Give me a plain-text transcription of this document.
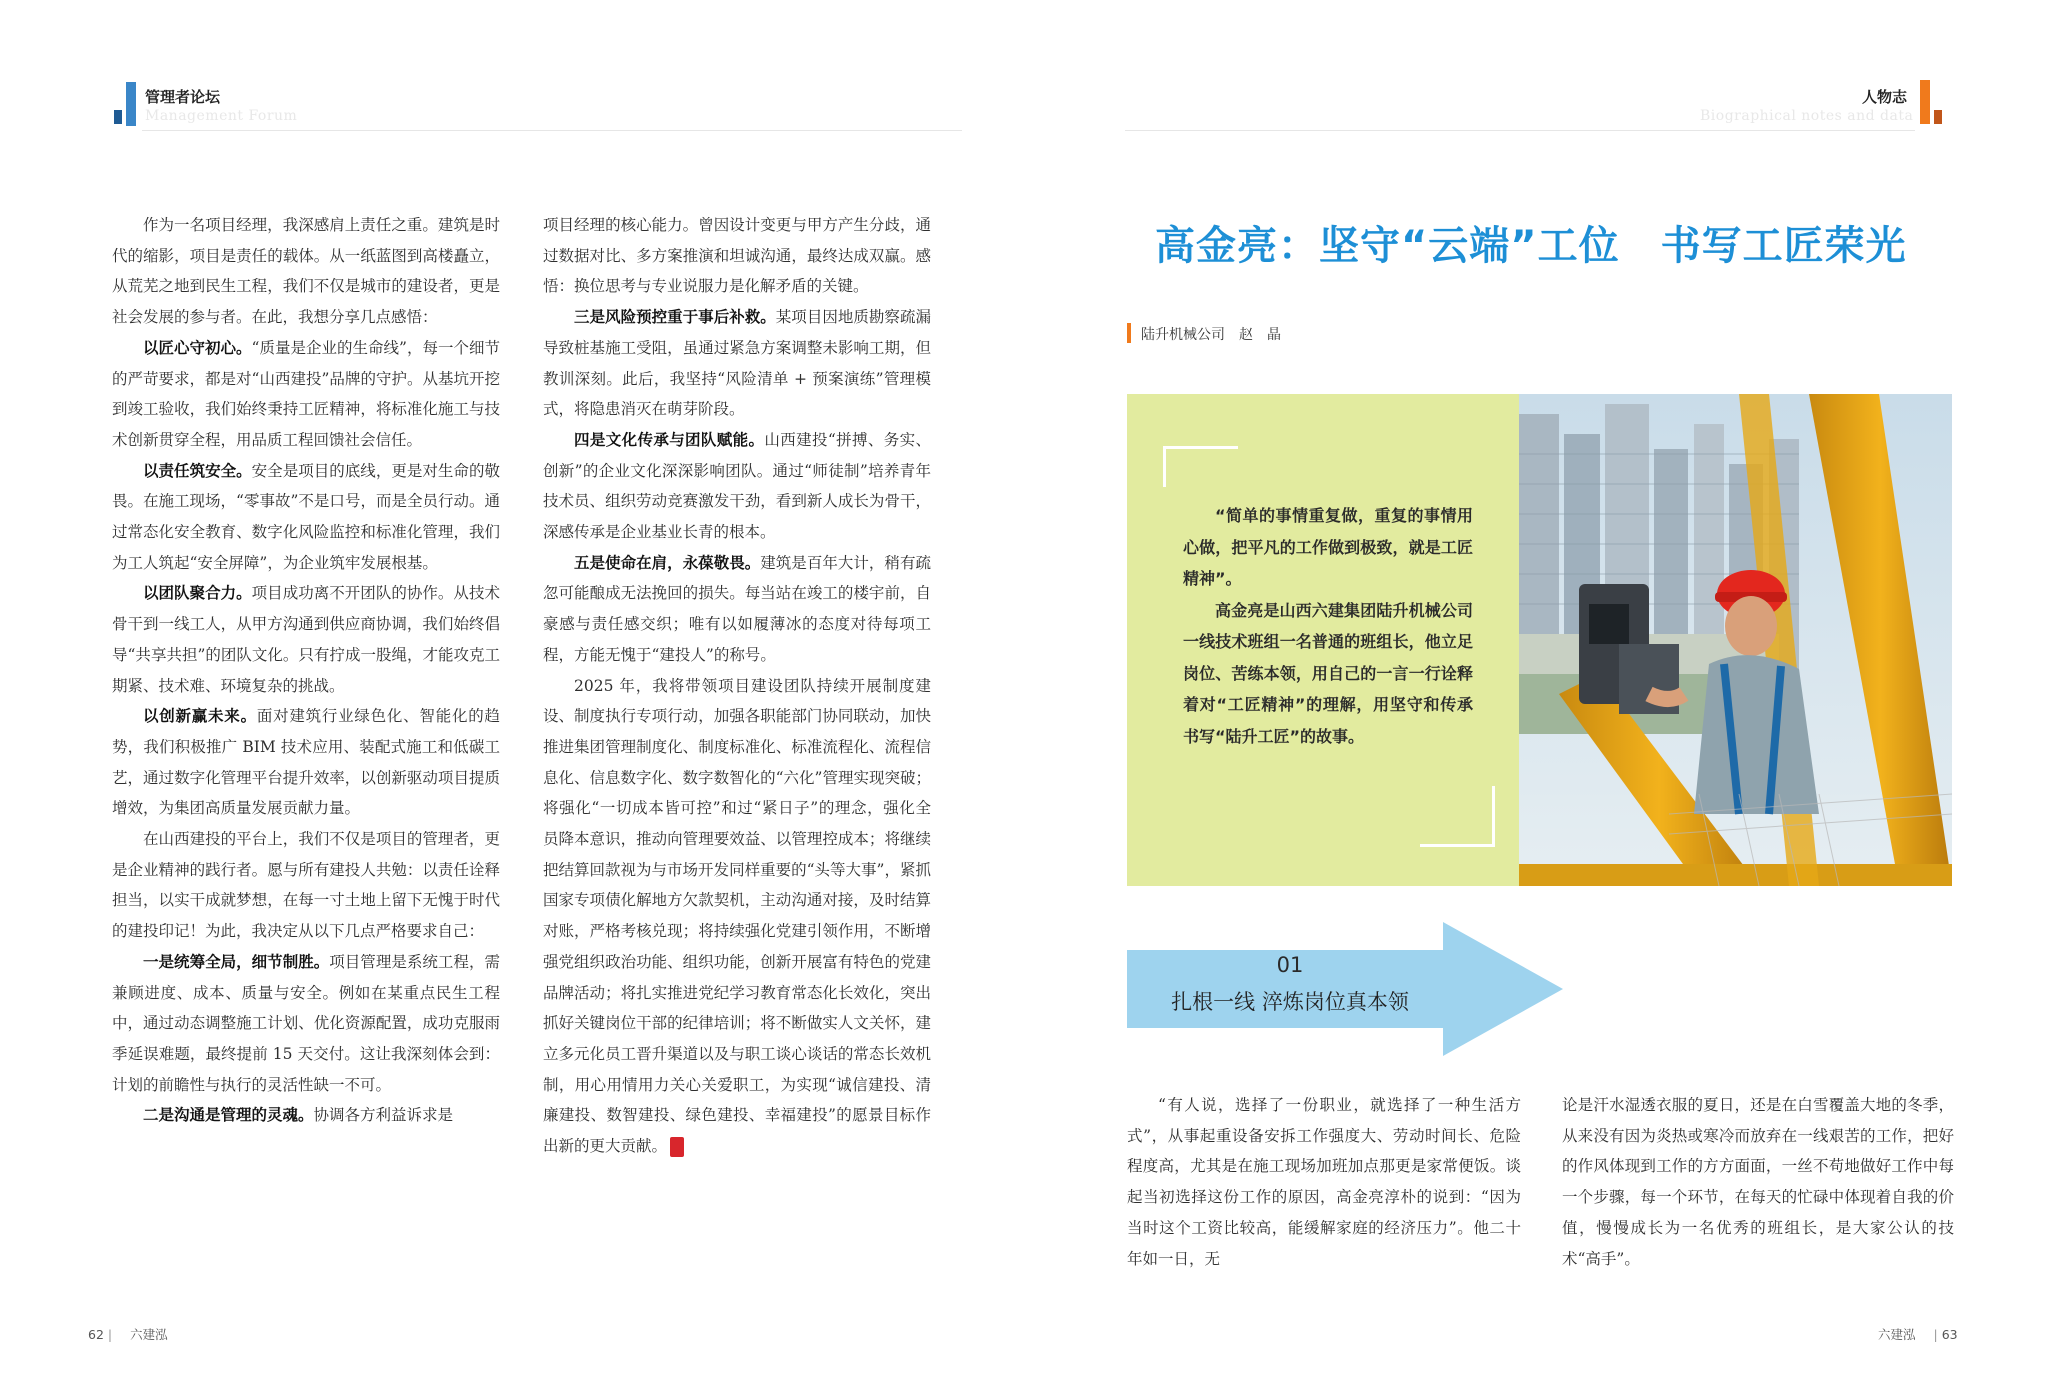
管理者论坛
Management Forum
人物志
Biographical notes and data

作为一名项目经理，我深感肩上责任之重。建筑是时代的缩影，项目是责任的载体。从一纸蓝图到高楼矗立，从荒芜之地到民生工程，我们不仅是城市的建设者，更是社会发展的参与者。在此，我想分享几点感悟：

以匠心守初心。“质量是企业的生命线”，每一个细节的严苛要求，都是对“山西建投”品牌的守护。从基坑开挖到竣工验收，我们始终秉持工匠精神，将标准化施工与技术创新贯穿全程，用品质工程回馈社会信任。

以责任筑安全。安全是项目的底线，更是对生命的敬畏。在施工现场，“零事故”不是口号，而是全员行动。通过常态化安全教育、数字化风险监控和标准化管理，我们为工人筑起“安全屏障”，为企业筑牢发展根基。

以团队聚合力。项目成功离不开团队的协作。从技术骨干到一线工人，从甲方沟通到供应商协调，我们始终倡导“共享共担”的团队文化。只有拧成一股绳，才能攻克工期紧、技术难、环境复杂的挑战。

以创新赢未来。面对建筑行业绿色化、智能化的趋势，我们积极推广 BIM 技术应用、装配式施工和低碳工艺，通过数字化管理平台提升效率，以创新驱动项目提质增效，为集团高质量发展贡献力量。

在山西建投的平台上，我们不仅是项目的管理者，更是企业精神的践行者。愿与所有建投人共勉：以责任诠释担当，以实干成就梦想，在每一寸土地上留下无愧于时代的建投印记！为此，我决定从以下几点严格要求自己：

一是统筹全局，细节制胜。项目管理是系统工程，需兼顾进度、成本、质量与安全。例如在某重点民生工程中，通过动态调整施工计划、优化资源配置，成功克服雨季延误难题，最终提前 15 天交付。这让我深刻体会到：计划的前瞻性与执行的灵活性缺一不可。

二是沟通是管理的灵魂。协调各方利益诉求是

项目经理的核心能力。曾因设计变更与甲方产生分歧，通过数据对比、多方案推演和坦诚沟通，最终达成双赢。感悟：换位思考与专业说服力是化解矛盾的关键。

三是风险预控重于事后补救。某项目因地质勘察疏漏导致桩基施工受阻，虽通过紧急方案调整未影响工期，但教训深刻。此后，我坚持“风险清单 + 预案演练”管理模式，将隐患消灭在萌芽阶段。

四是文化传承与团队赋能。山西建投“拼搏、务实、创新”的企业文化深深影响团队。通过“师徒制”培养青年技术员、组织劳动竞赛激发干劲，看到新人成长为骨干，深感传承是企业基业长青的根本。

五是使命在肩，永葆敬畏。建筑是百年大计，稍有疏忽可能酿成无法挽回的损失。每当站在竣工的楼宇前，自豪感与责任感交织；唯有以如履薄冰的态度对待每项工程，方能无愧于“建投人”的称号。

2025 年，我将带领项目建设团队持续开展制度建设、制度执行专项行动，加强各职能部门协同联动，加快推进集团管理制度化、制度标准化、标准流程化、流程信息化、信息数字化、数字数智化的“六化”管理实现突破；将强化“一切成本皆可控”和过“紧日子”的理念，强化全员降本意识，推动向管理要效益、以管理控成本；将继续把结算回款视为与市场开发同样重要的“头等大事”，紧抓国家专项债化解地方欠款契机，主动沟通对接，及时结算对账，严格考核兑现；将持续强化党建引领作用，不断增强党组织政治功能、组织功能，创新开展富有特色的党建品牌活动；将扎实推进党纪学习教育常态化长效化，突出抓好关键岗位干部的纪律培训；将不断做实人文关怀，建立多元化员工晋升渠道以及与职工谈心谈话的常态长效机制，用心用情用力关心关爱职工，为实现“诚信建投、清廉建投、数智建投、绿色建投、幸福建投”的愿景目标作出新的更大贡献。

高金亮：坚守“云端”工位　书写工匠荣光
陆升机械公司　赵　晶

“简单的事情重复做，重复的事情用心做，把平凡的工作做到极致，就是工匠精神”。

高金亮是山西六建集团陆升机械公司一线技术班组一名普通的班组长，他立足岗位、苦练本领，用自己的一言一行诠释着对“工匠精神”的理解，用坚守和传承书写“陆升工匠”的故事。

01
扎根一线 淬炼岗位真本领

“有人说，选择了一份职业，就选择了一种生活方式”，从事起重设备安拆工作强度大、劳动时间长、危险程度高，尤其是在施工现场加班加点那更是家常便饭。谈起当初选择这份工作的原因，高金亮淳朴的说到：“因为当时这个工资比较高，能缓解家庭的经济压力”。他二十年如一日，无

论是汗水湿透衣服的夏日，还是在白雪覆盖大地的冬季，从来没有因为炎热或寒冷而放弃在一线艰苦的工作，把好的作风体现到工作的方方面面，一丝不苟地做好工作中每一个步骤，每一个环节，在每天的忙碌中体现着自我的价值，慢慢成长为一名优秀的班组长，是大家公认的技术“高手”。

62 | 六建泓	六建泓 | 63
